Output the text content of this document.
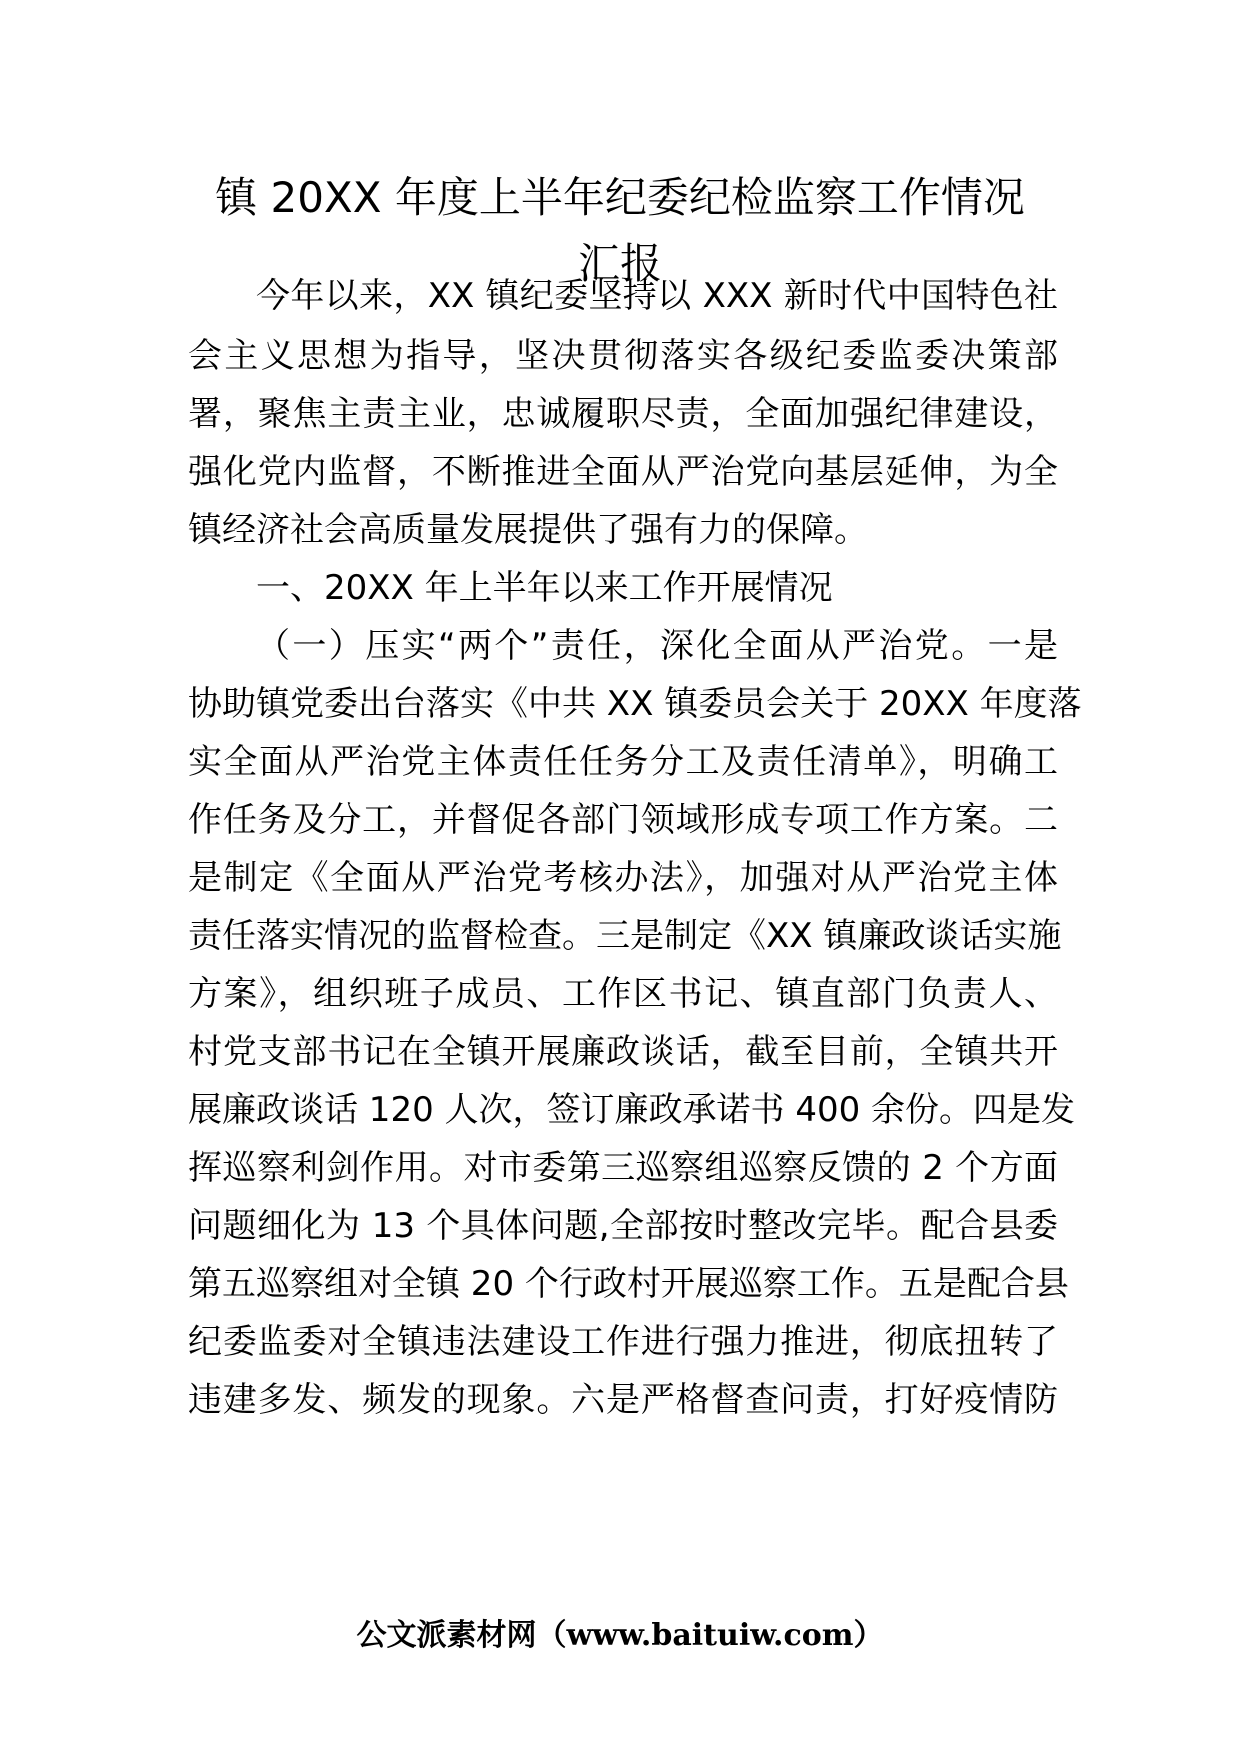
镇 20XX 年度上半年纪委纪检监察工作情况
汇报
今年以来，XX 镇纪委坚持以 XXX 新时代中国特色社
会主义思想为指导，坚决贯彻落实各级纪委监委决策部
署，聚焦主责主业，忠诚履职尽责，全面加强纪律建设，
强化党内监督，不断推进全面从严治党向基层延伸，为全
镇经济社会高质量发展提供了强有力的保障。
一、20XX 年上半年以来工作开展情况
（一）压实“两个”责任，深化全面从严治党。一是
协助镇党委出台落实《中共 XX 镇委员会关于 20XX 年度落
实全面从严治党主体责任任务分工及责任清单》，明确工
作任务及分工，并督促各部门领域形成专项工作方案。二
是制定《全面从严治党考核办法》，加强对从严治党主体
责任落实情况的监督检查。三是制定《XX 镇廉政谈话实施
方案》，组织班子成员、工作区书记、镇直部门负责人、
村党支部书记在全镇开展廉政谈话，截至目前，全镇共开
展廉政谈话 120 人次，签订廉政承诺书 400 余份。四是发
挥巡察利剑作用。对市委第三巡察组巡察反馈的 2 个方面
问题细化为 13 个具体问题,全部按时整改完毕。配合县委
第五巡察组对全镇 20 个行政村开展巡察工作。五是配合县
纪委监委对全镇违法建设工作进行强力推进，彻底扭转了
违建多发、频发的现象。六是严格督查问责，打好疫情防
公文派素材网（www.baituiw.com）
